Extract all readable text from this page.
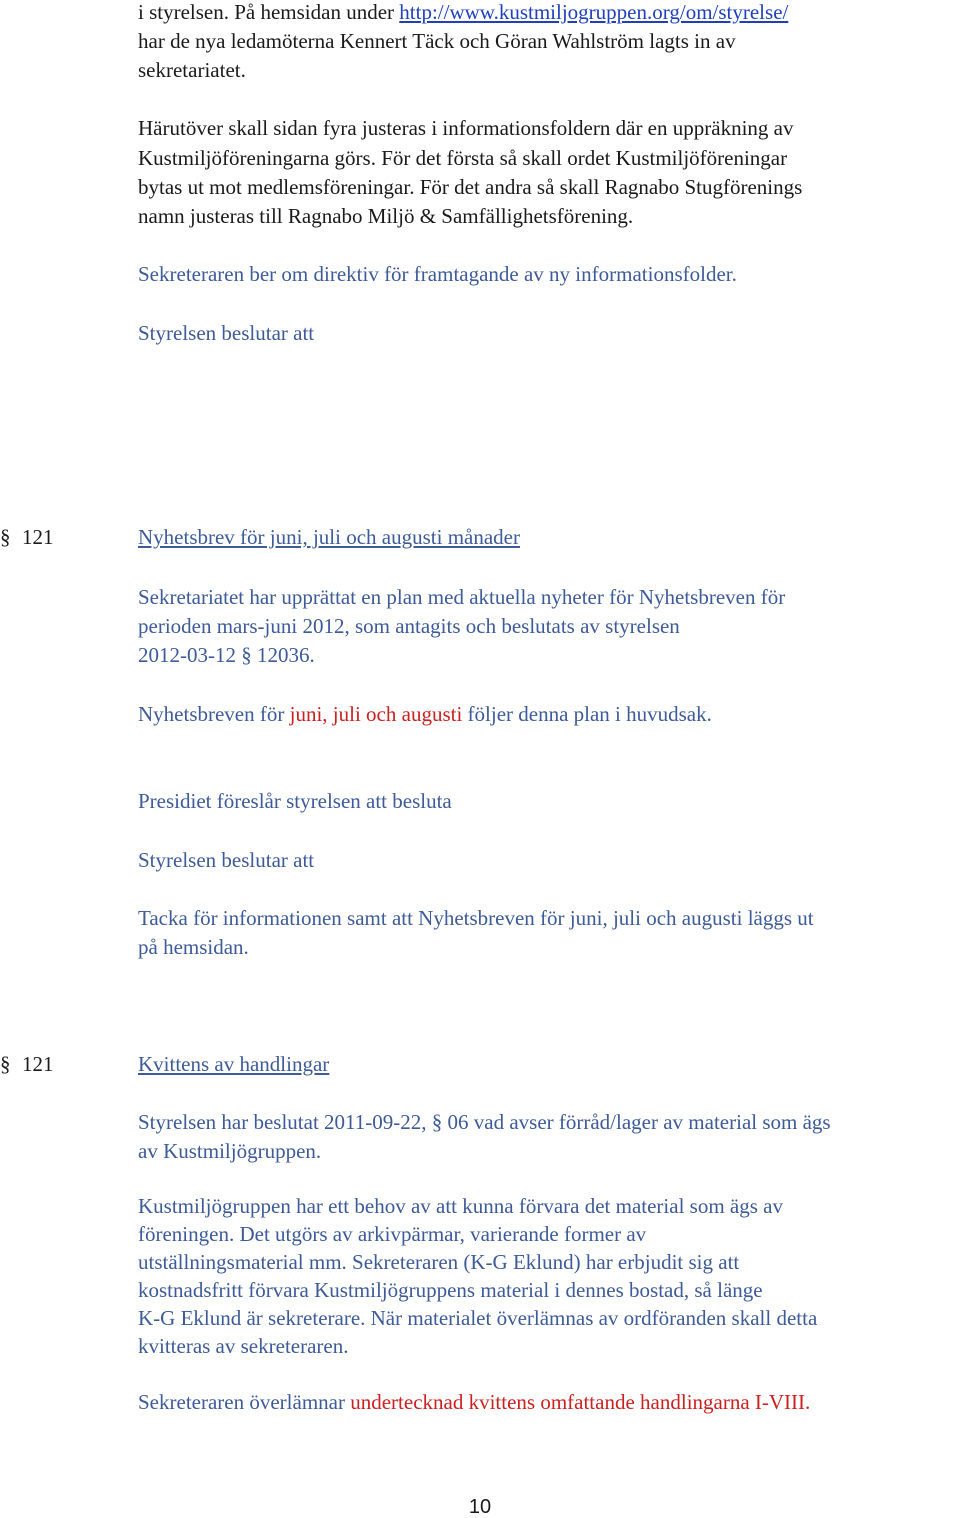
i styrelsen. På hemsidan under http://www.kustmiljogruppen.org/om/styrelse/
har de nya ledamöterna Kennert Täck och Göran Wahlström lagts in av
sekretariatet.
Härutöver skall sidan fyra justeras i informationsfoldern där en uppräkning av
Kustmiljöföreningarna görs. För det första så skall ordet Kustmiljöföreningar
bytas ut mot medlemsföreningar. För det andra så skall Ragnabo Stugförenings
namn justeras till Ragnabo Miljö & Samfällighetsförening.
Sekreteraren ber om direktiv för framtagande av ny informationsfolder.
Styrelsen beslutar att
§ 121	Nyhetsbrev för juni, juli och augusti månader
Sekretariatet har upprättat en plan med aktuella nyheter för Nyhetsbreven för
perioden mars-juni 2012, som antagits och beslutats av styrelsen
2012-03-12 § 12036.
Nyhetsbreven för juni, juli och augusti följer denna plan i huvudsak.
Presidiet föreslår styrelsen att besluta
Styrelsen beslutar att
Tacka för informationen samt att Nyhetsbreven för juni, juli och augusti läggs ut
på hemsidan.
§ 121	Kvittens av handlingar
Styrelsen har beslutat 2011-09-22, § 06 vad avser förråd/lager av material som ägs
av Kustmiljögruppen.
Kustmiljögruppen har ett behov av att kunna förvara det material som ägs av
föreningen. Det utgörs av arkivpärmar, varierande former av
utställningsmaterial mm. Sekreteraren (K-G Eklund) har erbjudit sig att
kostnadsfritt förvara Kustmiljögruppens material i dennes bostad, så länge
K-G Eklund är sekreterare. När materialet överlämnas av ordföranden skall detta
kvitteras av sekreteraren.
Sekreteraren överlämnar undertecknad kvittens omfattande handlingarna I-VIII.
10
